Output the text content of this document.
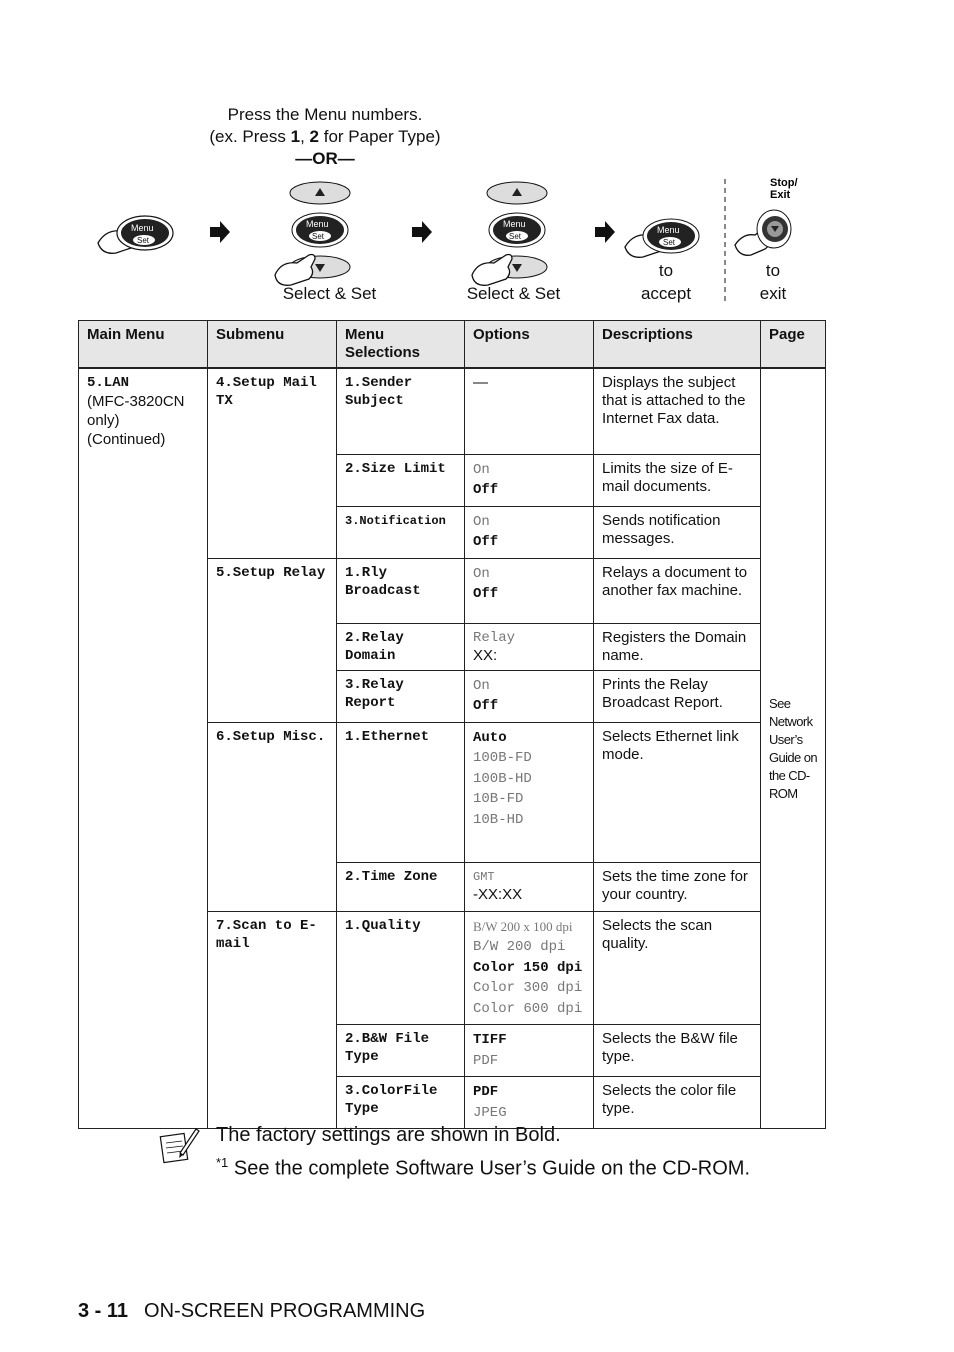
Press the Menu numbers.
(ex. Press 1, 2 for Paper Type)
—OR—
Menu
Set
Menu
Set
Menu
Set
Menu
Set
Stop/
Exit
Select & Set	Select & Set
to
accept
to
exit
Main Menu	Submenu	Menu Selections	Options	Descriptions	Page

5.LAN
(MFC-3820CN only)
(Continued)	4.Setup Mail TX	1.Sender Subject	—	Displays the subject that is attached to the Internet Fax data.	See Network User’s Guide on the CD-ROM

		2.Size Limit	On
Off	Limits the size of E-mail documents.	

		3.Notification	On
Off	Sends notification messages.	

	5.Setup Relay	1.Rly Broadcast	On
Off	Relays a document to another fax machine.	

		2.Relay Domain	Relay
XX:	Registers the Domain name.	

		3.Relay Report	On
Off	Prints the Relay Broadcast Report.	

	6.Setup Misc.	1.Ethernet	Auto
100B-FD
100B-HD
10B-FD
10B-HD	Selects Ethernet link mode.	

		2.Time Zone	GMT
-XX:XX	Sets the time zone for your country.	

	7.Scan to E-mail	1.Quality	B/W 200 x 100 dpi
B/W 200 dpi
Color 150 dpi
Color 300 dpi
Color 600 dpi	Selects the scan quality.	

		2.B&W File Type	TIFF
PDF	Selects the B&W file type.	

		3.ColorFile Type	PDF
JPEG	Selects the color file type.	
The factory settings are shown in Bold.
$^{*1}$ See the complete Software User’s Guide on the CD-ROM.
3 - 11 ON-SCREEN PROGRAMMING
